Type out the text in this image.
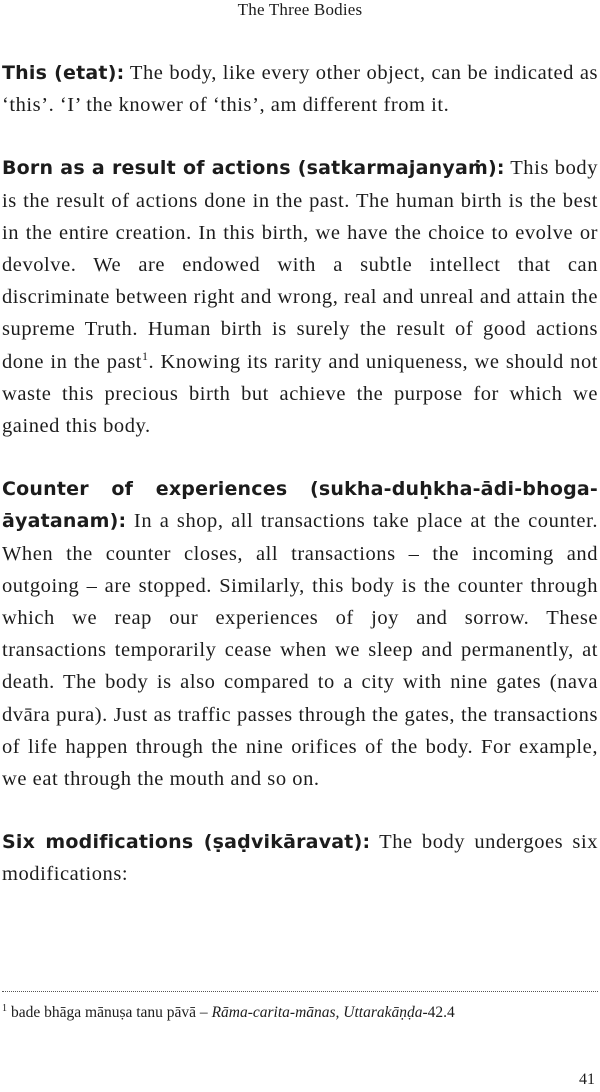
The Three Bodies

This (etat): The body, like every other object, can be indicated as ‘this’. ‘I’ the knower of ‘this’, am different from it.

Born as a result of actions (satkarmajanyaṁ): This body is the result of actions done in the past. The human birth is the best in the entire creation. In this birth, we have the choice to evolve or devolve. We are endowed with a subtle intellect that can discriminate between right and wrong, real and unreal and attain the supreme Truth. Human birth is surely the result of good actions done in the past$^1$. Knowing its rarity and uniqueness, we should not waste this precious birth but achieve the purpose for which we gained this body.

Counter of experiences (sukha-duḥkha-ādi-bhoga-āyatanam): In a shop, all transactions take place at the counter. When the counter closes, all transactions – the incoming and outgoing – are stopped. Similarly, this body is the counter through which we reap our experiences of joy and sorrow. These transactions temporarily cease when we sleep and permanently, at death. The body is also compared to a city with nine gates (nava dvāra pura). Just as traffic passes through the gates, the transactions of life happen through the nine orifices of the body. For example, we eat through the mouth and so on.

Six modifications (ṣaḍvikāravat): The body undergoes six modifications:

$^1$ bade bhāga mānuṣa tanu pāvā – Rāma-carita-mānas, Uttarakāṇḍa-42.4
41
